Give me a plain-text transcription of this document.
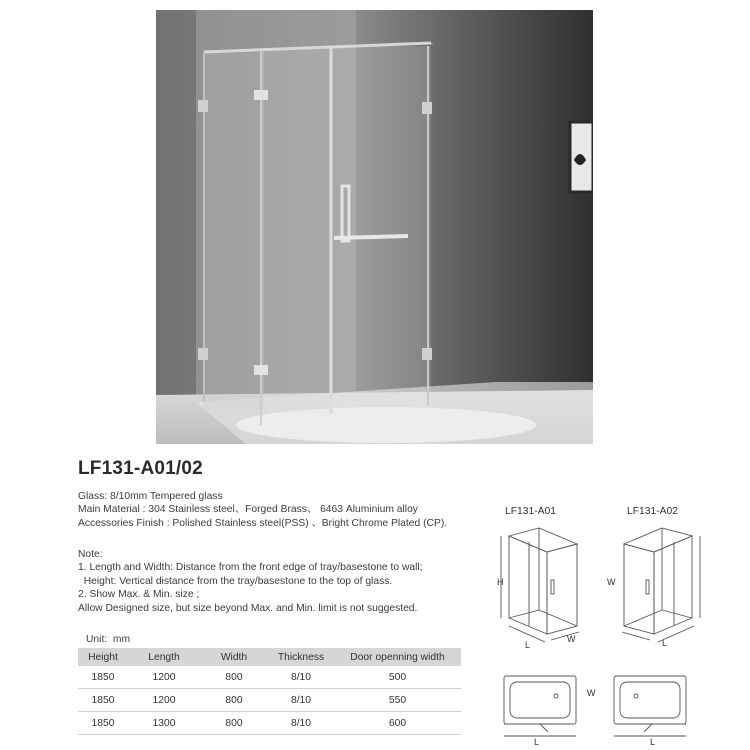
LF131-A01/02
Glass: 8/10mm Tempered glass
Main Material : 304 Stainless steel、Forged Brass、 6463 Aluminium alloy
Accessories Finish : Polished Stainless steel(PSS) 、Bright Chrome Plated (CP).
Note:
1. Length and Width: Distance from the front edge of tray/basestone to wall;
Height: Vertical distance from the tray/basestone to the top of glass.
2. Show Max. & Min. size ;
Allow Designed size, but size beyond Max. and Min. limit is not suggested.
Unit:  mm
Height	Length	Width	Thickness	Door openning width
1850	1200	800	8/10	500
1850	1200	800	8/10	550
1850	1300	800	8/10	600
LF131-A01	LF131-A02
H
L
W
W
L
W
L	L
